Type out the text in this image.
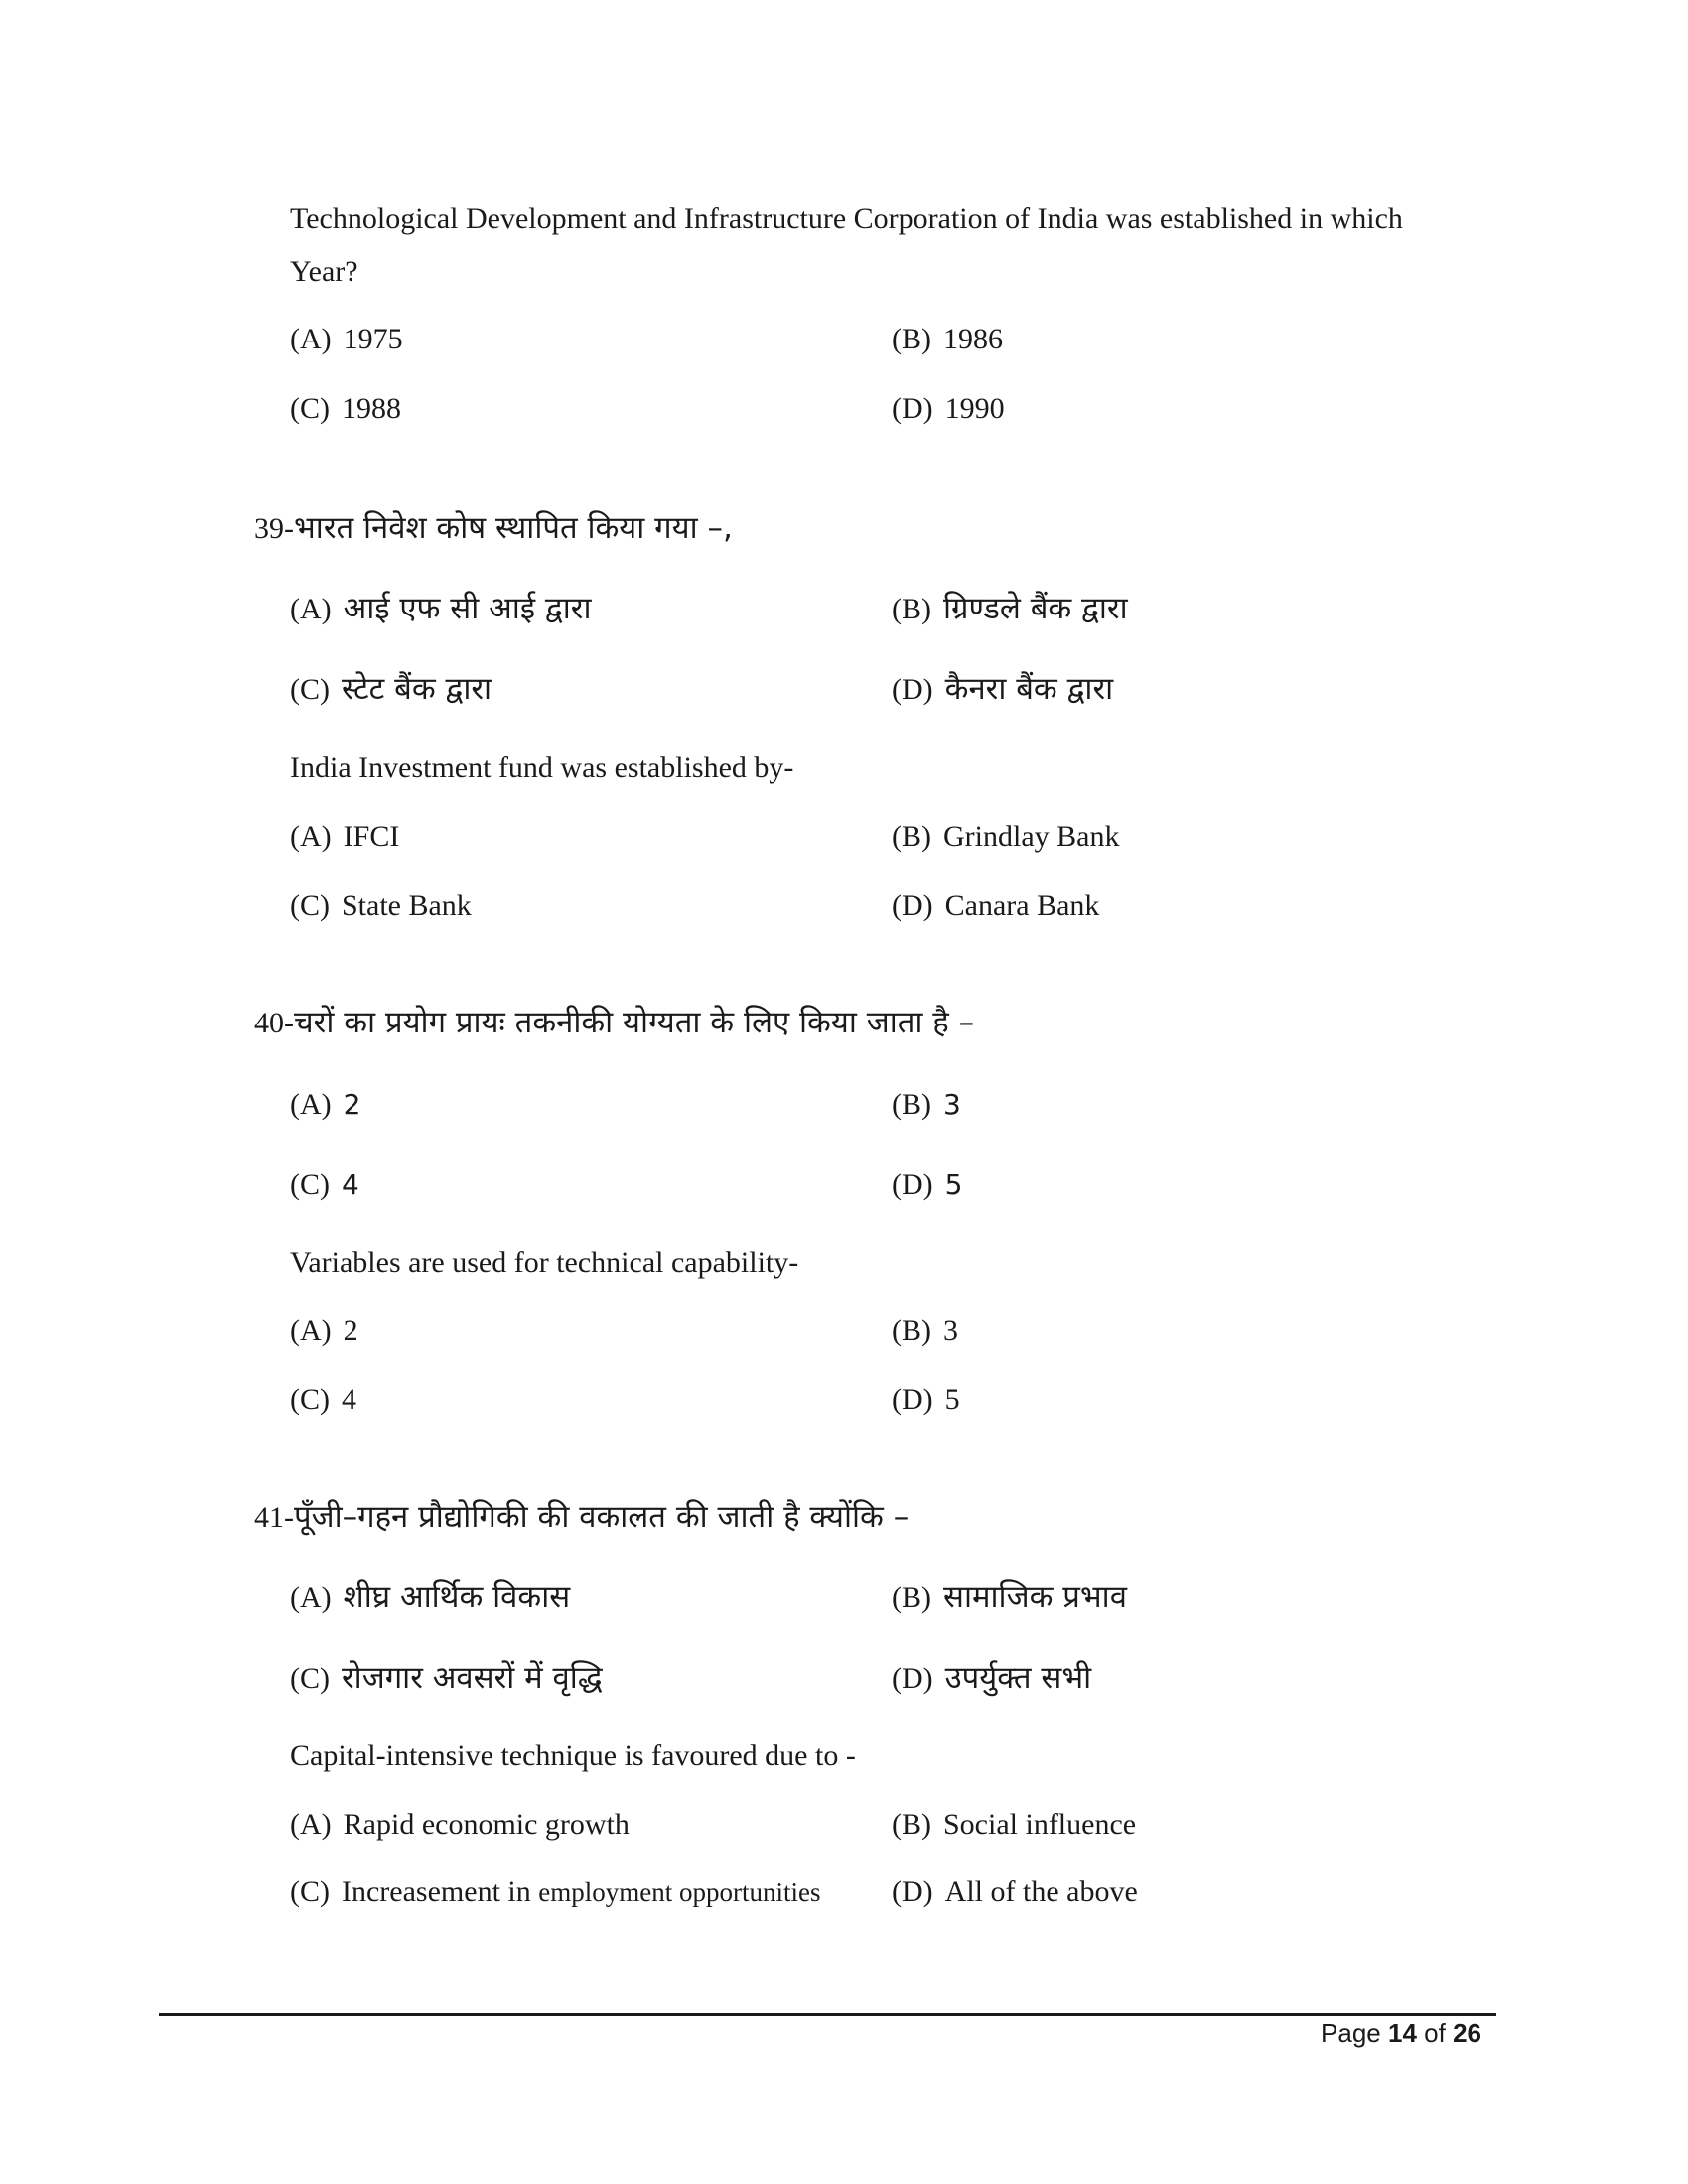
Technological Development and Infrastructure Corporation of India was established in which
Year?
(A) 1975	(B) 1986
(C) 1988	(D) 1990
39-भारत निवेश कोष स्थापित किया गया –,
(A) आई एफ सी आई द्वारा	(B) ग्रिण्डले बैंक द्वारा
(C) स्टेट बैंक द्वारा	(D) कैनरा बैंक द्वारा
India Investment fund was established by-
(A) IFCI	(B) Grindlay Bank
(C) State Bank	(D) Canara Bank
40-चरों का प्रयोग प्रायः तकनीकी योग्यता के लिए किया जाता है –
(A) 2	(B) 3
(C) 4	(D) 5
Variables are used for technical capability-
(A) 2	(B) 3
(C) 4	(D) 5
41-पूँजी–गहन प्रौद्योगिकी की वकालत की जाती है क्योंकि –
(A) शीघ्र आर्थिक विकास	(B) सामाजिक प्रभाव
(C) रोजगार अवसरों में वृद्धि	(D) उपर्युक्त सभी
Capital-intensive technique is favoured due to -
(A) Rapid economic growth	(B) Social influence
(C) Increasement in employment opportunities (D) All of the above
Page 14 of 26
